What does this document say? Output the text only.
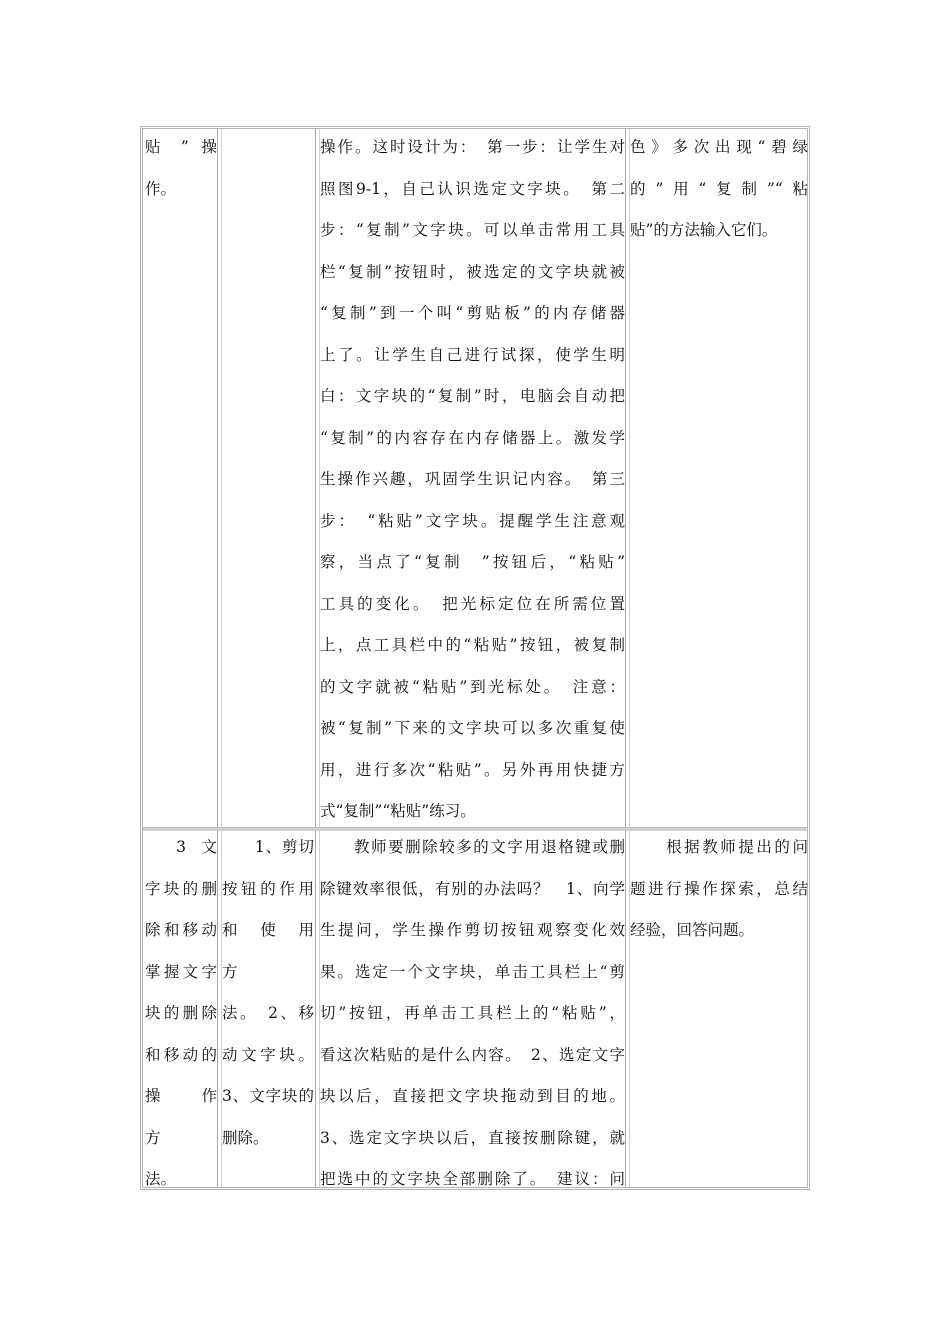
贴 ” 操

作。

操作。这时设计为：　第一步：让学生对

照图9-1，自己认识选定文字块。　第二

步：“复制”文字块。可以单击常用工具

栏“复制”按钮时，被选定的文字块就被

“复制”到一个叫“剪贴板”的内存储器

上了。让学生自己进行试探，使学生明

白：文字块的“复制”时，电脑会自动把

“复制”的内容存在内存储器上。激发学

生操作兴趣，巩固学生识记内容。　第三

步：　“粘贴”文字块。提醒学生注意观

察，当点了“复制　”按钮后，“粘贴”

工具的变化。　把光标定位在所需位置

上，点工具栏中的“粘贴”按钮，被复制

的文字就被“粘贴”到光标处。　注意：

被“复制”下来的文字块可以多次重复使

用，进行多次“粘贴”。另外再用快捷方

式“复制”“粘贴”练习。

色》多次出现“碧绿

的”用“复制”“粘

贴”的方法输入它们。

　　3　文

字块的删

除和移动

掌握文字

块的删除

和移动的

操　作　方

法。

　　1、剪切

按钮的作用

和　使　用　方

法。　2、移

动文字块。

3、文字块的

删除。

　　教师要删除较多的文字用退格键或删

除键效率很低，有别的办法吗？　1、向学

生提问，学生操作剪切按钮观察变化效

果。选定一个文字块，单击工具栏上“剪

切”按钮，再单击工具栏上的“粘贴”，

看这次粘贴的是什么内容。　2、选定文字

块以后，直接把文字块拖动到目的地。

3、选定文字块以后，直接按删除键，就

把选中的文字块全部删除了。　建议：问

　　根据教师提出的问

题进行操作探索，总结

经验，回答问题。
